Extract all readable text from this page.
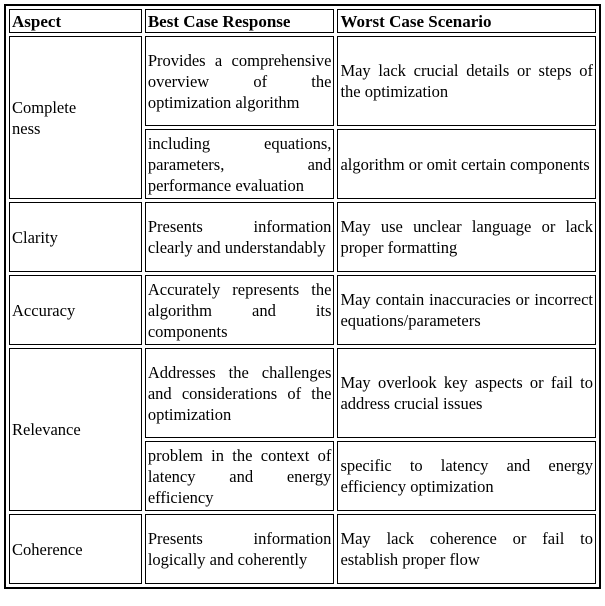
Aspect	Best Case Response	Worst Case Scenario

Complete ness	Provides a comprehensive overview of the optimization algorithm	May lack crucial details or steps of the optimization
	including equations, parameters, and performance evaluation	algorithm or omit certain components
Clarity	Presents information clearly and understandably	May use unclear language or lack proper formatting
Accuracy	Accurately represents the algorithm and its components	May contain inaccuracies or incorrect equations/parameters
Relevance	Addresses the challenges and considerations of the optimization	May overlook key aspects or fail to address crucial issues
	problem in the context of latency and energy efficiency	specific to latency and energy efficiency optimization
Coherence	Presents information logically and coherently	May lack coherence or fail to establish proper flow
